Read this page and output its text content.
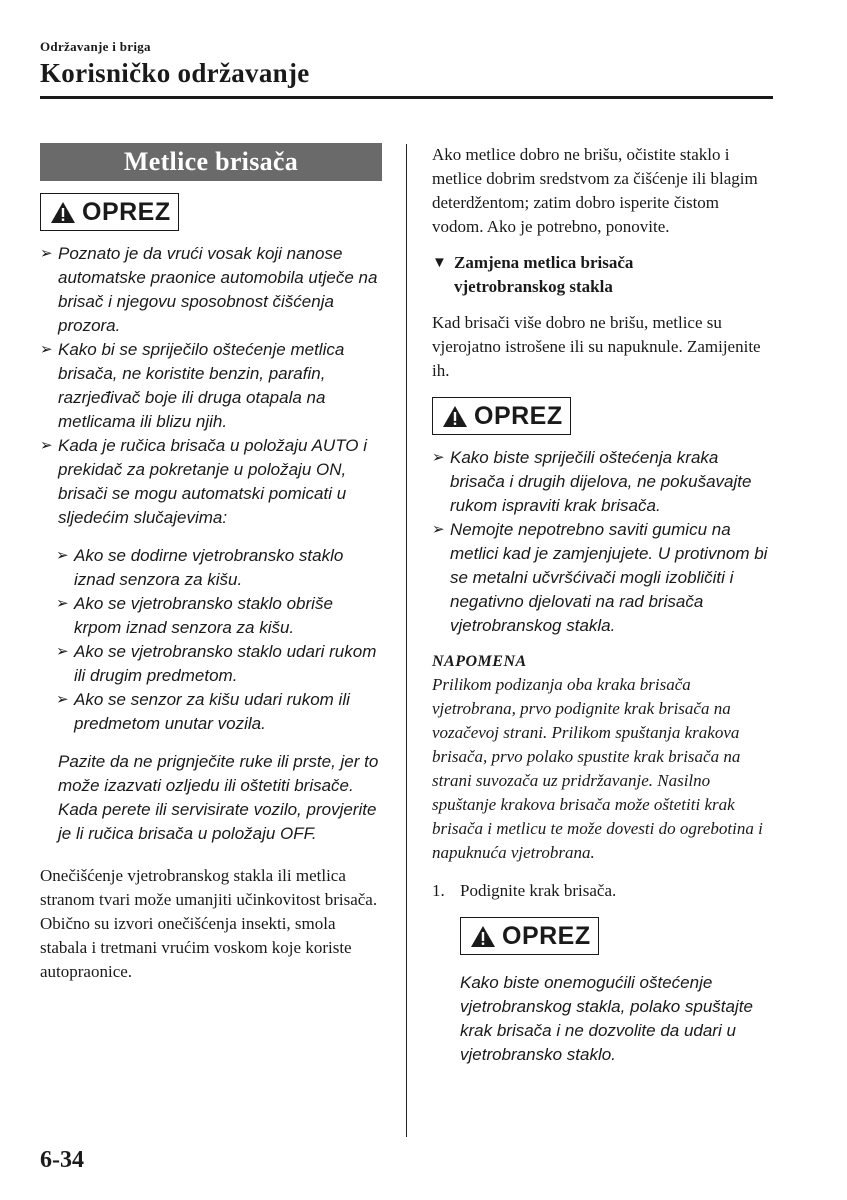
Održavanje i briga
Korisničko održavanje
Metlice brisača
OPREZ
➢ Poznato je da vrući vosak koji nanose automatske praonice automobila utječe na brisač i njegovu sposobnost čišćenja prozora.
➢ Kako bi se spriječilo oštećenje metlica brisača, ne koristite benzin, parafin, razrjeđivač boje ili druga otapala na metlicama ili blizu njih.
➢ Kada je ručica brisača u položaju AUTO i prekidač za pokretanje u položaju ON, brisači se mogu automatski pomicati u sljedećim slučajevima:
➢ Ako se dodirne vjetrobransko staklo iznad senzora za kišu.
➢ Ako se vjetrobransko staklo obriše krpom iznad senzora za kišu.
➢ Ako se vjetrobransko staklo udari rukom ili drugim predmetom.
➢ Ako se senzor za kišu udari rukom ili predmetom unutar vozila.
Pazite da ne prignječite ruke ili prste, jer to može izazvati ozljedu ili oštetiti brisače. Kada perete ili servisirate vozilo, provjerite je li ručica brisača u položaju OFF.
Onečišćenje vjetrobranskog stakla ili metlica stranom tvari može umanjiti učinkovitost brisača. Obično su izvori onečišćenja insekti, smola stabala i tretmani vrućim voskom koje koriste autopraonice.
Ako metlice dobro ne brišu, očistite staklo i metlice dobrim sredstvom za čišćenje ili blagim deterdžentom; zatim dobro isperite čistom vodom. Ako je potrebno, ponovite.
▼ Zamjena metlica brisača
vjetrobranskog stakla
Kad brisači više dobro ne brišu, metlice su vjerojatno istrošene ili su napuknule. Zamijenite ih.
OPREZ
➢ Kako biste spriječili oštećenja kraka brisača i drugih dijelova, ne pokušavajte rukom ispraviti krak brisača.
➢ Nemojte nepotrebno saviti gumicu na metlici kad je zamjenjujete. U protivnom bi se metalni učvršćivači mogli izobličiti i negativno djelovati na rad brisača vjetrobranskog stakla.
NAPOMENA
Prilikom podizanja oba kraka brisača vjetrobrana, prvo podignite krak brisača na vozačevoj strani. Prilikom spuštanja krakova brisača, prvo polako spustite krak brisača na strani suvozača uz pridržavanje. Nasilno spuštanje krakova brisača može oštetiti krak brisača i metlicu te može dovesti do ogrebotina i napuknuća vjetrobrana.
1. Podignite krak brisača.
OPREZ
Kako biste onemogućili oštećenje vjetrobranskog stakla, polako spuštajte krak brisača i ne dozvolite da udari u vjetrobransko staklo.
6-34
